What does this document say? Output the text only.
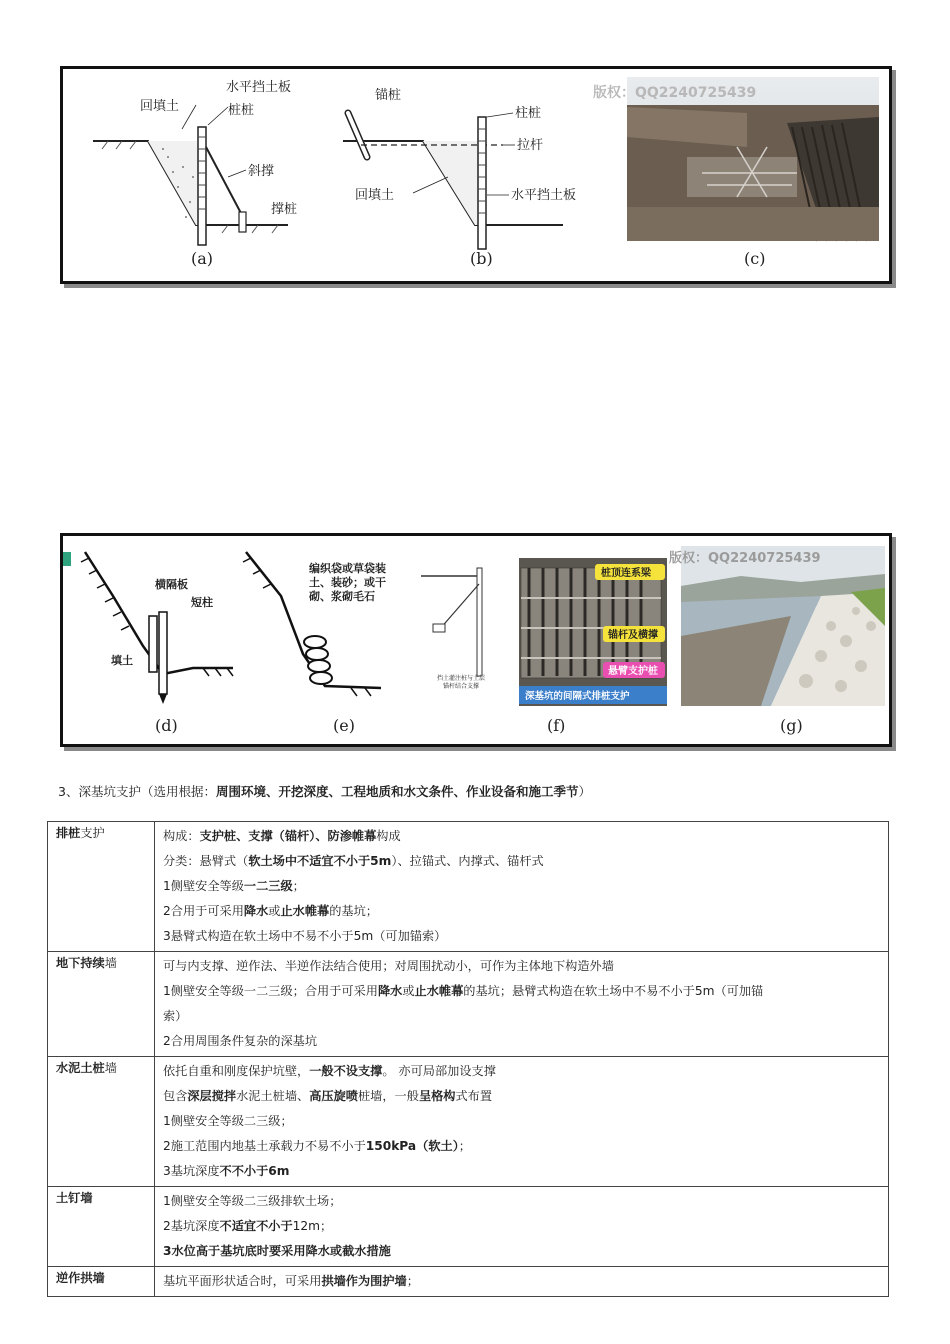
回填土
水平挡土板
桩桩
斜撑
撑桩
(a)
锚桩
柱桩
拉杆
回填土	水平挡土板
(b)
版权：QQ2240725439
(c)
横隔板
短柱
填土
(d)
编织袋或草袋装
土、装砂；或干
砌、浆砌毛石
(e)
挡土灌注桩与土层
锚杆结合支撑
桩顶连系梁
锚杆及横撑
悬臂支护桩
深基坑的间隔式排桩支护
(f)
版权：QQ2240725439
(g)
3、深基坑支护（选用根据：周围环境、开挖深度、工程地质和水文条件、作业设备和施工季节）
排桩支护	构成：支护桩、支撑（锚杆）、防渗帷幕构成
分类：悬臂式（软土场中不适宜不小于5m）、拉锚式、内撑式、锚杆式
1侧壁安全等级一二三级；
2合用于可采用降水或止水帷幕的基坑；
3悬臂式构造在软土场中不易不小于5m（可加锚索）

地下持续墙	可与内支撑、逆作法、半逆作法结合使用；对周围扰动小，可作为主体地下构造外墙
1侧壁安全等级一二三级；合用于可采用降水或止水帷幕的基坑；悬臂式构造在软土场中不易不小于5m（可加锚
索）
2合用周围条件复杂的深基坑

水泥土桩墙	依托自重和刚度保护坑壁，一般不设支撑。 亦可局部加设支撑
包含深层搅拌水泥土桩墙、高压旋喷桩墙，一般呈格构式布置
1侧壁安全等级二三级；
2施工范围内地基土承载力不易不小于150kPa（软土）；
3基坑深度不不小于6m

土钉墙	1侧壁安全等级二三级排软土场；
2基坑深度不适宜不小于12m；
3水位高于基坑底时要采用降水或截水措施

逆作拱墙	基坑平面形状适合时，可采用拱墙作为围护墙；
